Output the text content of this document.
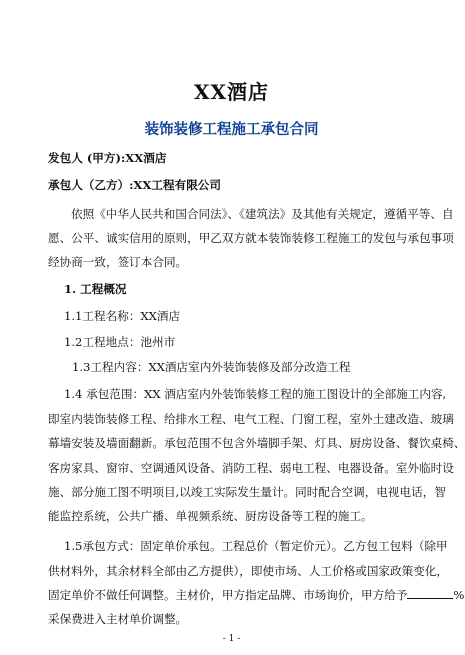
XX酒店
装饰装修工程施工承包合同
发包人 (甲方):XX酒店
承包人（乙方）:XX工程有限公司
依照《中华人民共和国合同法》、《建筑法》及其他有关规定，遵循平等、自
愿、公平、诚实信用的原则，甲乙双方就本装饰装修工程施工的发包与承包事项
经协商一致，签订本合同。
1. 工程概况
1.1工程名称：XX酒店
1.2工程地点：池州市
1.3工程内容：XX酒店室内外装饰装修及部分改造工程
1.4 承包范围：XX 酒店室内外装饰装修工程的施工图设计的全部施工内容,
即室内装饰装修工程、给排水工程、电气工程、门窗工程，室外土建改造、玻璃
幕墙安装及墙面翻新。承包范围不包含外墙脚手架、灯具、厨房设备、餐饮桌椅、
客房家具、窗帘、空调通风设备、消防工程、弱电工程、电器设备。室外临时设
施、部分施工图不明项目,以竣工实际发生量计。同时配合空调，电视电话，智
能监控系统，公共广播、单视频系统、厨房设备等工程的施工。
1.5承包方式：固定单价承包。工程总价（暂定价元）。乙方包工包料（除甲
供材料外，其余材料全部由乙方提供），即使市场、人工价格或国家政策变化，
固定单价不做任何调整。主材价，甲方指定品牌、市场询价，甲方给予	%
采保费进入主材单价调整。
- 1 -
